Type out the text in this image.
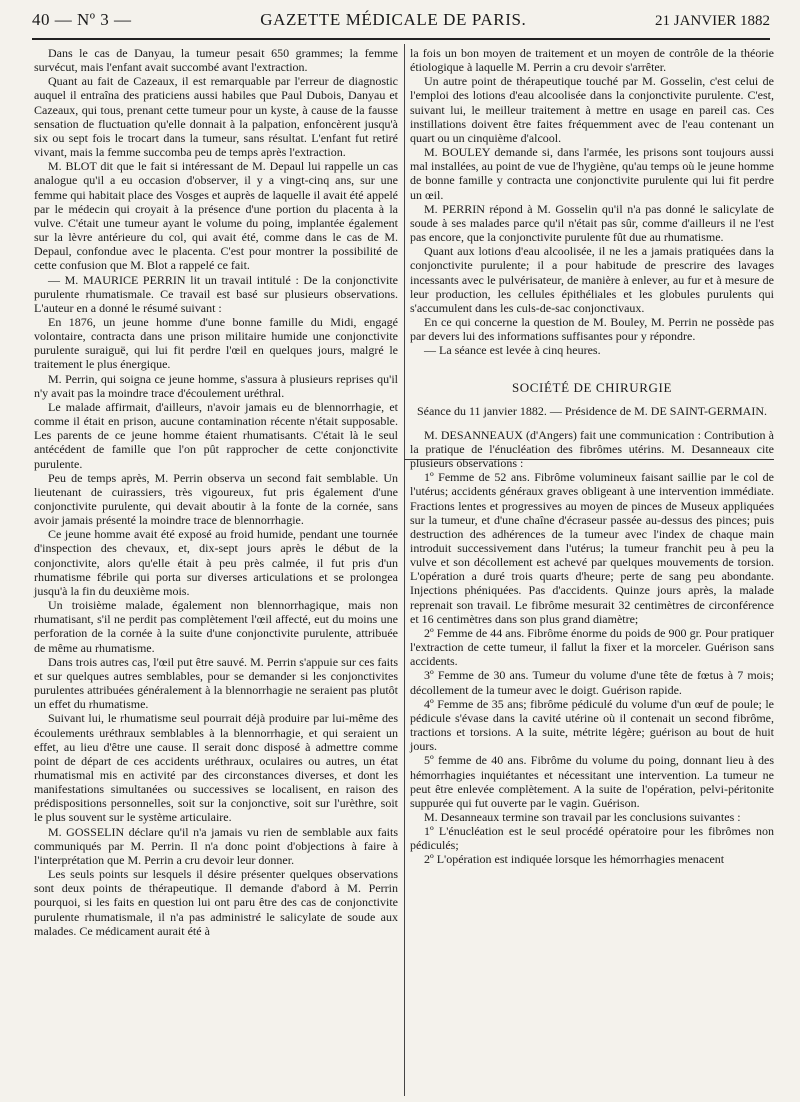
40 — Nº 3 —	GAZETTE MÉDICALE DE PARIS.	21 JANVIER 1882

Dans le cas de Danyau, la tumeur pesait 650 grammes; la femme survécut, mais l'enfant avait succombé avant l'extraction.

Quant au fait de Cazeaux, il est remarquable par l'erreur de diagnostic auquel il entraîna des praticiens aussi habiles que Paul Dubois, Danyau et Cazeaux, qui tous, prenant cette tumeur pour un kyste, à cause de la fausse sensation de fluctuation qu'elle donnait à la palpation, enfoncèrent jusqu'à six ou sept fois le trocart dans la tumeur, sans résultat. L'enfant fut retiré vivant, mais la femme succomba peu de temps après l'extraction.

M. BLOT dit que le fait si intéressant de M. Depaul lui rappelle un cas analogue qu'il a eu occasion d'observer, il y a vingt-cinq ans, sur une femme qui habitait place des Vosges et auprès de laquelle il avait été appelé par le médecin qui croyait à la présence d'une portion du placenta à la vulve. C'était une tumeur ayant le volume du poing, implantée également sur la lèvre antérieure du col, qui avait été, comme dans le cas de M. Depaul, confondue avec le placenta. C'est pour montrer la possibilité de cette confusion que M. Blot a rappelé ce fait.

— M. MAURICE PERRIN lit un travail intitulé : De la conjonctivite purulente rhumatismale. Ce travail est basé sur plusieurs observations. L'auteur en a donné le résumé suivant :

En 1876, un jeune homme d'une bonne famille du Midi, engagé volontaire, contracta dans une prison militaire humide une conjonctivite purulente suraiguë, qui lui fit perdre l'œil en quelques jours, malgré le traitement le plus énergique.

M. Perrin, qui soigna ce jeune homme, s'assura à plusieurs reprises qu'il n'y avait pas la moindre trace d'écoulement uréthral.

Le malade affirmait, d'ailleurs, n'avoir jamais eu de blennorrhagie, et comme il était en prison, aucune contamination récente n'était supposable. Les parents de ce jeune homme étaient rhumatisants. C'était là le seul antécédent de famille que l'on pût rapprocher de cette conjonctivite purulente.

Peu de temps après, M. Perrin observa un second fait semblable. Un lieutenant de cuirassiers, très vigoureux, fut pris également d'une conjonctivite purulente, qui devait aboutir à la fonte de la cornée, sans avoir jamais présenté la moindre trace de blennorrhagie.

Ce jeune homme avait été exposé au froid humide, pendant une tournée d'inspection des chevaux, et, dix-sept jours après le début de la conjonctivite, alors qu'elle était à peu près calmée, il fut pris d'un rhumatisme fébrile qui porta sur diverses articulations et se prolongea jusqu'à la fin du deuxième mois.

Un troisième malade, également non blennorrhagique, mais non rhumatisant, s'il ne perdit pas complètement l'œil affecté, eut du moins une perforation de la cornée à la suite d'une conjonctivite purulente, attribuée de même au rhumatisme.

Dans trois autres cas, l'œil put être sauvé. M. Perrin s'appuie sur ces faits et sur quelques autres semblables, pour se demander si les conjonctivites purulentes attribuées généralement à la blennorrhagie ne seraient pas plutôt un effet du rhumatisme.

Suivant lui, le rhumatisme seul pourrait déjà produire par lui-même des écoulements uréthraux semblables à la blennorrhagie, et qui seraient un effet, au lieu d'être une cause. Il serait donc disposé à admettre comme point de départ de ces accidents uréthraux, oculaires ou autres, un état rhumatismal mis en activité par des circonstances diverses, et dont les manifestations simultanées ou successives se localisent, en raison des prédispositions personnelles, soit sur la conjonctive, soit sur l'urèthre, soit le plus souvent sur le système articulaire.

M. GOSSELIN déclare qu'il n'a jamais vu rien de semblable aux faits communiqués par M. Perrin. Il n'a donc point d'objections à faire à l'interprétation que M. Perrin a cru devoir leur donner.

Les seuls points sur lesquels il désire présenter quelques observations sont deux points de thérapeutique. Il demande d'abord à M. Perrin pourquoi, si les faits en question lui ont paru être des cas de conjonctivite purulente rhumatismale, il n'a pas administré le salicylate de soude aux malades. Ce médicament aurait été à

la fois un bon moyen de traitement et un moyen de contrôle de la théorie étiologique à laquelle M. Perrin a cru devoir s'arrêter.

Un autre point de thérapeutique touché par M. Gosselin, c'est celui de l'emploi des lotions d'eau alcoolisée dans la conjonctivite purulente. C'est, suivant lui, le meilleur traitement à mettre en usage en pareil cas. Ces instillations doivent être faites fréquemment avec de l'eau contenant un quart ou un cinquième d'alcool.

M. BOULEY demande si, dans l'armée, les prisons sont toujours aussi mal installées, au point de vue de l'hygiène, qu'au temps où le jeune homme de bonne famille y contracta une conjonctivite purulente qui lui fit perdre un œil.

M. PERRIN répond à M. Gosselin qu'il n'a pas donné le salicylate de soude à ses malades parce qu'il n'était pas sûr, comme d'ailleurs il ne l'est pas encore, que la conjonctivite purulente fût due au rhumatisme.

Quant aux lotions d'eau alcoolisée, il ne les a jamais pratiquées dans la conjonctivite purulente; il a pour habitude de prescrire des lavages incessants avec le pulvérisateur, de manière à enlever, au fur et à mesure de leur production, les cellules épithéliales et les globules purulents qui s'accumulent dans les culs-de-sac conjonctivaux.

En ce qui concerne la question de M. Bouley, M. Perrin ne possède pas par devers lui des informations suffisantes pour y répondre.

— La séance est levée à cinq heures.

SOCIÉTÉ DE CHIRURGIE

Séance du 11 janvier 1882. — Présidence de M. DE SAINT-GERMAIN.

M. DESANNEAUX (d'Angers) fait une communication : Contribution à la pratique de l'énucléation des fibrômes utérins. M. Desanneaux cite plusieurs observations :

1º Femme de 52 ans. Fibrôme volumineux faisant saillie par le col de l'utérus; accidents généraux graves obligeant à une intervention immédiate. Fractions lentes et progressives au moyen de pinces de Museux appliquées sur la tumeur, et d'une chaîne d'écraseur passée au-dessus des pinces; puis destruction des adhérences de la tumeur avec l'index de chaque main introduit successivement dans l'utérus; la tumeur franchit peu à peu la vulve et son décollement est achevé par quelques mouvements de torsion. L'opération a duré trois quarts d'heure; perte de sang peu abondante. Injections phéniquées. Pas d'accidents. Quinze jours après, la malade reprenait son travail. Le fibrôme mesurait 32 centimètres de circonférence et 16 centimètres dans son plus grand diamètre;

2º Femme de 44 ans. Fibrôme énorme du poids de 900 gr. Pour pratiquer l'extraction de cette tumeur, il fallut la fixer et la morceler. Guérison sans accidents.

3º Femme de 30 ans. Tumeur du volume d'une tête de fœtus à 7 mois; décollement de la tumeur avec le doigt. Guérison rapide.

4º Femme de 35 ans; fibrôme pédiculé du volume d'un œuf de poule; le pédicule s'évase dans la cavité utérine où il contenait un second fibrôme, tractions et torsions. A la suite, métrite légère; guérison au bout de huit jours.

5º femme de 40 ans. Fibrôme du volume du poing, donnant lieu à des hémorrhagies inquiétantes et nécessitant une intervention. La tumeur ne peut être enlevée complètement. A la suite de l'opération, pelvi-péritonite suppurée qui fut ouverte par le vagin. Guérison.

M. Desanneaux termine son travail par les conclusions suivantes :

1º L'énucléation est le seul procédé opératoire pour les fibrômes non pédiculés;

2º L'opération est indiquée lorsque les hémorrhagies menacent
